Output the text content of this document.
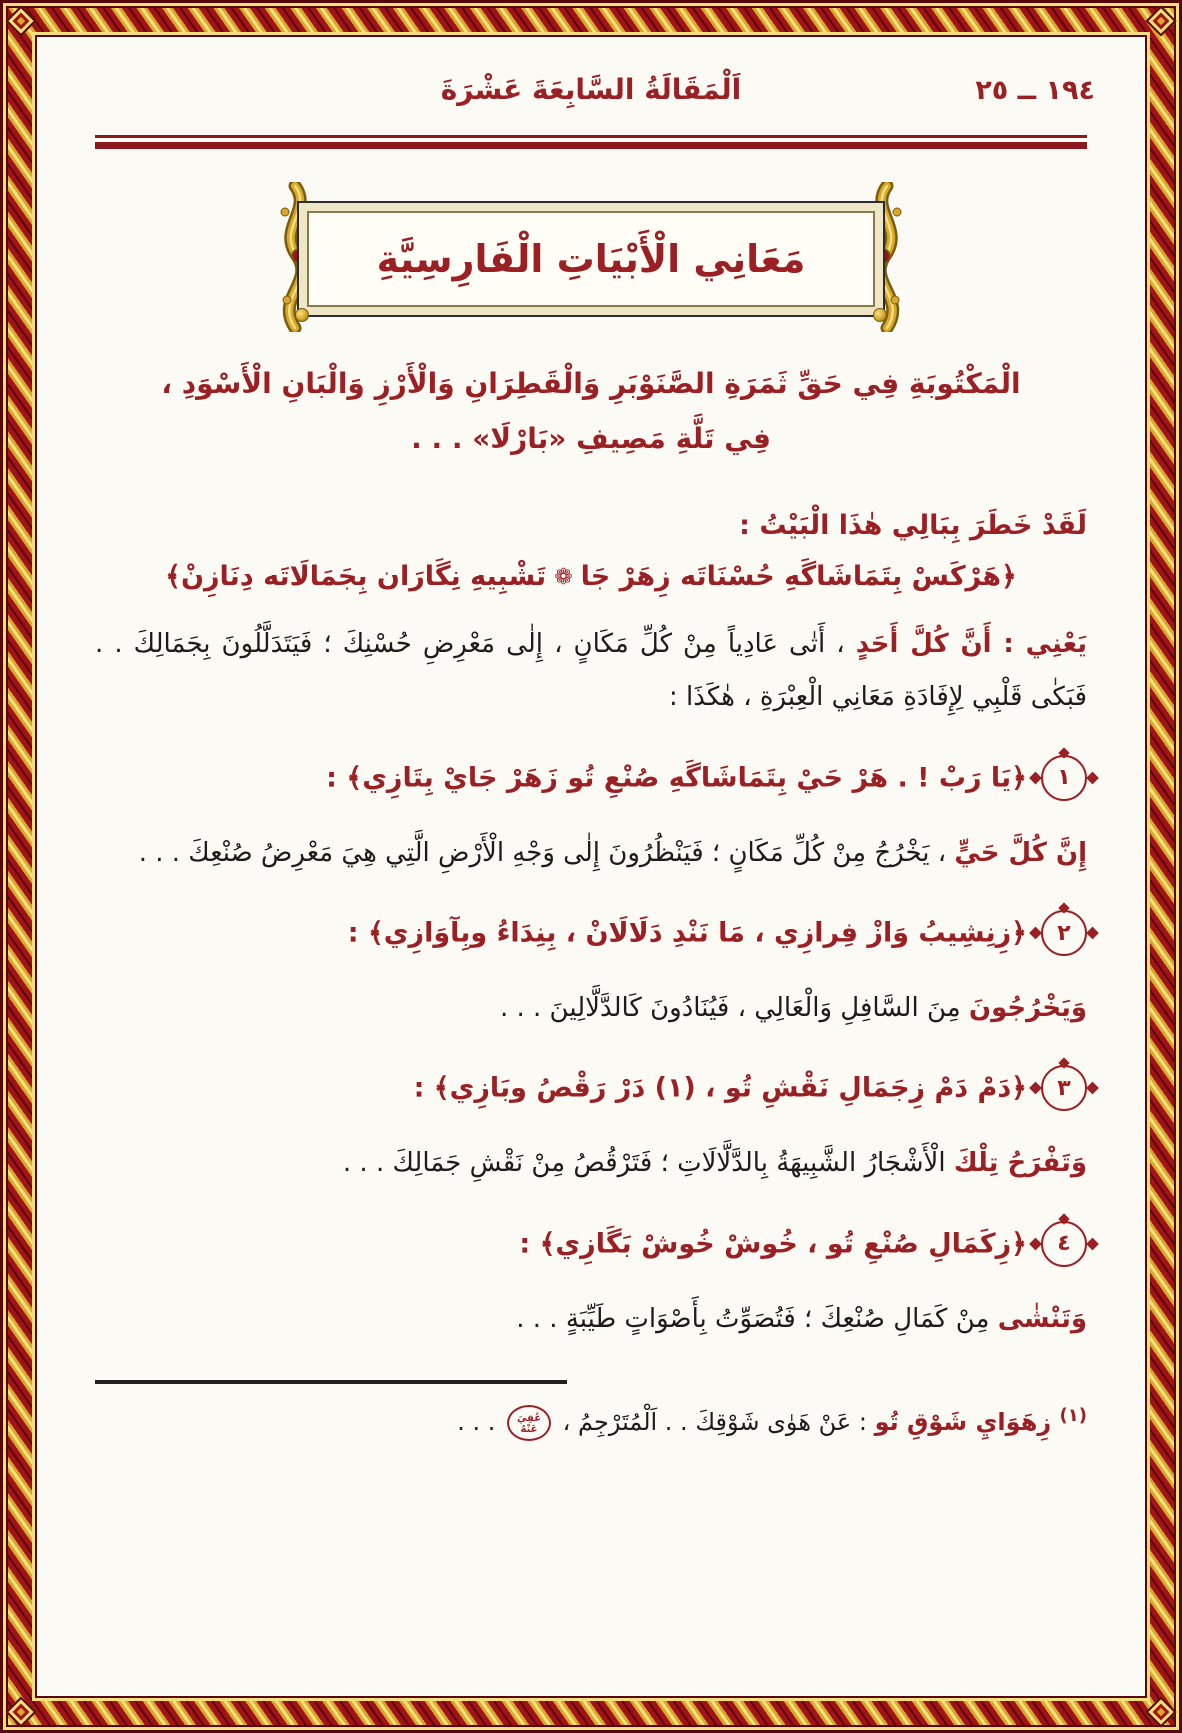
اَلْمَقَالَةُ السَّابِعَةَ عَشْرَةَ	١٩٤ ــ ٢٥
مَعَانِي الْأَبْيَاتِ الْفَارِسِيَّةِ

الْمَكْتُوبَةِ فِي حَقِّ ثَمَرَةِ الصَّنَوْبَرِ وَالْقَطِرَانِ وَالْأَرْزِ وَالْبَانِ الْأَسْوَدِ ،

فِي تَلَّةِ مَصِيفِ «بَارْلَا» . . .

لَقَدْ خَطَرَ بِبَالِي هٰذَا الْبَيْتُ :

﴿هَرْكَسْ بِتَمَاشَاگَهِ حُسْنَاتَه زِهَرْ جَا❁تَشْبِيهِ نِگَارَان بِجَمَالَاتَه دِنَازِنْ﴾

يَعْنِي : أَنَّ كُلَّ أَحَدٍ ، أَتٰى عَادِياً مِنْ كُلِّ مَكَانٍ ، إِلٰى مَعْرِضِ حُسْنِكَ ؛ فَيَتَدَلَّلُونَ بِجَمَالِكَ . . فَبَكٰى قَلْبِي لِإِفَادَةِ مَعَانِي الْعِبْرَةِ ، هٰكَذَا :

١
﴿يَا رَبْ ! . هَرْ حَيْ بِتَمَاشَاگَهِ صُنْعِ تُو زَهَرْ جَايْ بِتَازِي﴾ :

إِنَّ كُلَّ حَيٍّ ، يَخْرُجُ مِنْ كُلِّ مَكَانٍ ؛ فَيَنْظُرُونَ إِلٰى وَجْهِ الْأَرْضِ الَّتِي هِيَ مَعْرِضُ صُنْعِكَ . . .

٢
﴿زِنِشِيبُ وَازْ فِرازِي ، مَا نَنْدِ دَلَالَانْ ، بِنِدَاءُ وبِآوَازِي﴾ :

وَيَخْرُجُونَ مِنَ السَّافِلِ وَالْعَالِي ، فَيُنَادُونَ كَالدَّلَّالِينَ . . .

٣
﴿دَمْ دَمْ زِجَمَالِ نَقْشِ تُو ، (١) دَرْ رَقْصُ وبَازِي﴾ :

وَتَفْرَحُ تِلْكَ الْأَشْجَارُ الشَّبِيهَةُ بِالدَّلَّالَاتِ ؛ فَتَرْقُصُ مِنْ نَقْشِ جَمَالِكَ . . .

٤
﴿زِكَمَالِ صُنْعِ تُو ، خُوشْ خُوشْ بَگَازِي﴾ :

وَتَنْشٰى مِنْ كَمَالِ صُنْعِكَ ؛ فَتُصَوِّتُ بِأَصْوَاتٍ طَيِّبَةٍ . . .

$^{(١)}$ زِهَوَايِ شَوْقِ تُو : عَنْ هَوٰى شَوْقِكَ . . اَلْمُتَرْجِمُ ، عُفِيَ عَنْهُ . . .
